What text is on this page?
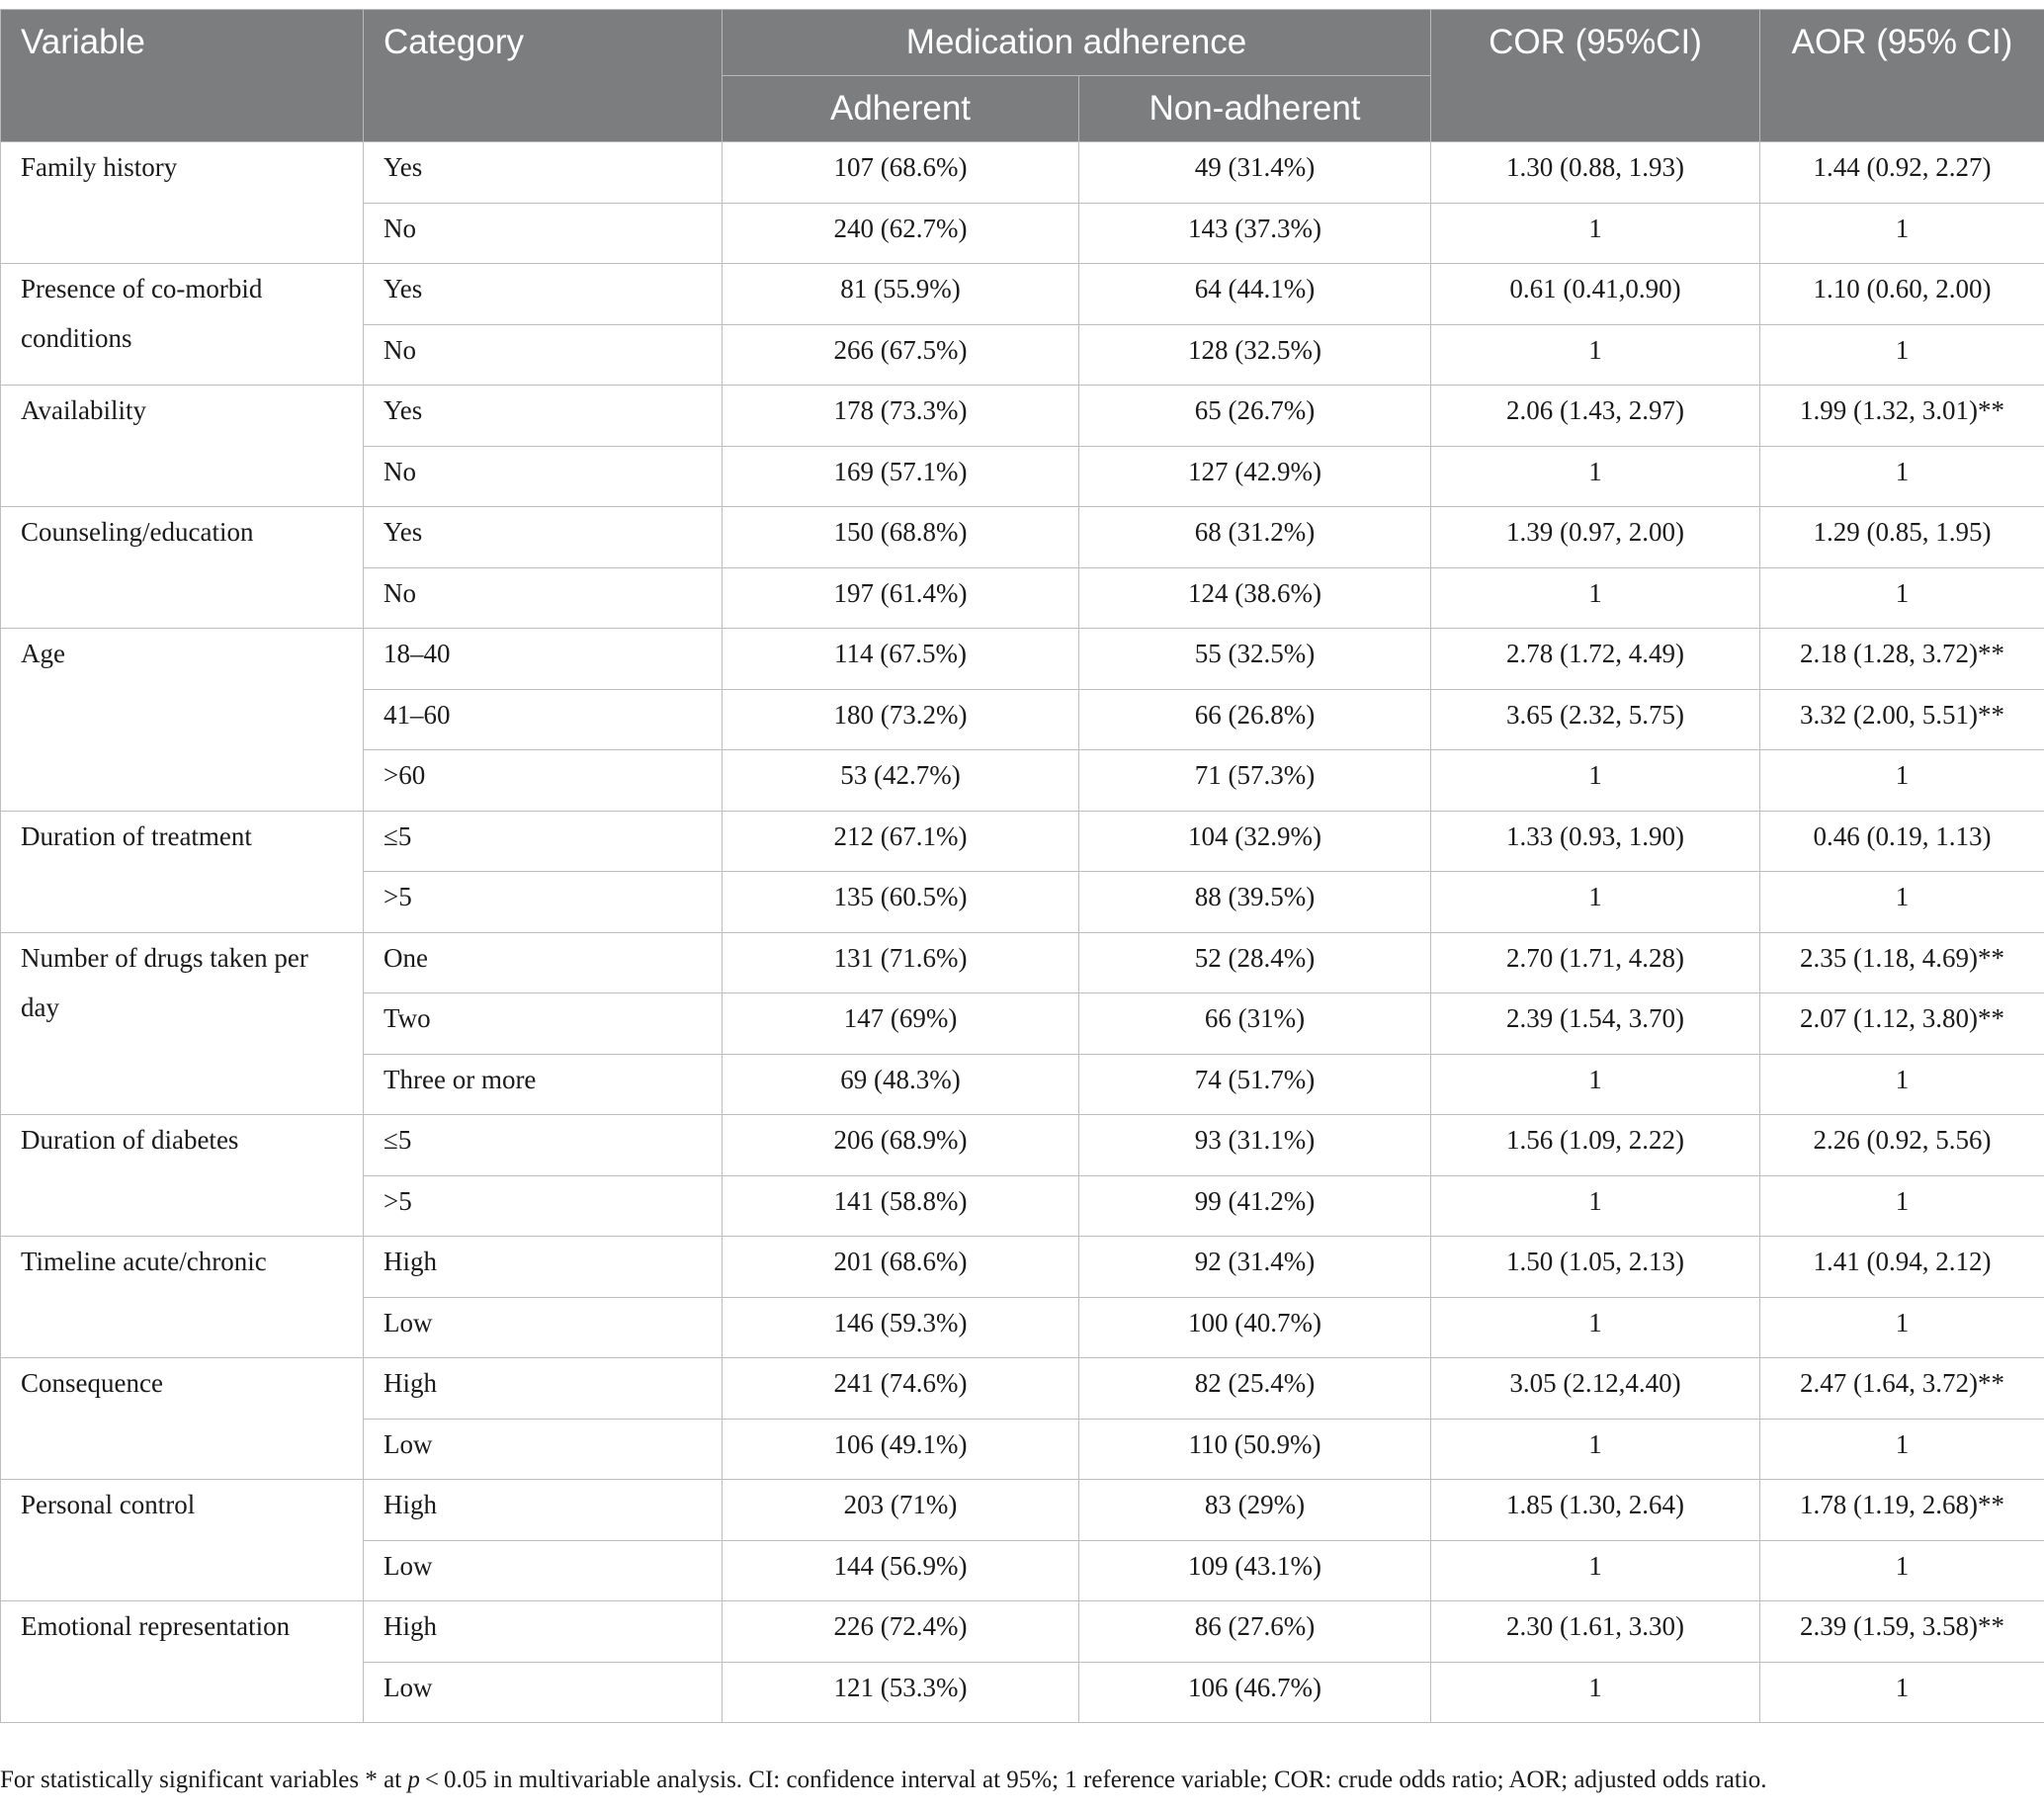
Variable	Category	Medication adherence		COR (95%CI)	AOR (95% CI)
		Adherent	Non-adherent		
Family history	Yes	107 (68.6%)	49 (31.4%)	1.30 (0.88, 1.93)	1.44 (0.92, 2.27)
	No	240 (62.7%)	143 (37.3%)	1	1
Presence of co-morbid conditions	Yes	81 (55.9%)	64 (44.1%)	0.61 (0.41,0.90)	1.10 (0.60, 2.00)
	No	266 (67.5%)	128 (32.5%)	1	1
Availability	Yes	178 (73.3%)	65 (26.7%)	2.06 (1.43, 2.97)	1.99 (1.32, 3.01)**
	No	169 (57.1%)	127 (42.9%)	1	1
Counseling/education	Yes	150 (68.8%)	68 (31.2%)	1.39 (0.97, 2.00)	1.29 (0.85, 1.95)
	No	197 (61.4%)	124 (38.6%)	1	1
Age	18–40	114 (67.5%)	55 (32.5%)	2.78 (1.72, 4.49)	2.18 (1.28, 3.72)**
	41–60	180 (73.2%)	66 (26.8%)	3.65 (2.32, 5.75)	3.32 (2.00, 5.51)**
	>60	53 (42.7%)	71 (57.3%)	1	1
Duration of treatment	≤5	212 (67.1%)	104 (32.9%)	1.33 (0.93, 1.90)	0.46 (0.19, 1.13)
	>5	135 (60.5%)	88 (39.5%)	1	1
Number of drugs taken per day	One	131 (71.6%)	52 (28.4%)	2.70 (1.71, 4.28)	2.35 (1.18, 4.69)**
	Two	147 (69%)	66 (31%)	2.39 (1.54, 3.70)	2.07 (1.12, 3.80)**
	Three or more	69 (48.3%)	74 (51.7%)	1	1
Duration of diabetes	≤5	206 (68.9%)	93 (31.1%)	1.56 (1.09, 2.22)	2.26 (0.92, 5.56)
	>5	141 (58.8%)	99 (41.2%)	1	1
Timeline acute/chronic	High	201 (68.6%)	92 (31.4%)	1.50 (1.05, 2.13)	1.41 (0.94, 2.12)
	Low	146 (59.3%)	100 (40.7%)	1	1
Consequence	High	241 (74.6%)	82 (25.4%)	3.05 (2.12,4.40)	2.47 (1.64, 3.72)**
	Low	106 (49.1%)	110 (50.9%)	1	1
Personal control	High	203 (71%)	83 (29%)	1.85 (1.30, 2.64)	1.78 (1.19, 2.68)**
	Low	144 (56.9%)	109 (43.1%)	1	1
Emotional representation	High	226 (72.4%)	86 (27.6%)	2.30 (1.61, 3.30)	2.39 (1.59, 3.58)**
	Low	121 (53.3%)	106 (46.7%)	1	1
For statistically significant variables * at p < 0.05 in multivariable analysis. CI: confidence interval at 95%; 1 reference variable; COR: crude odds ratio; AOR; adjusted odds ratio.
